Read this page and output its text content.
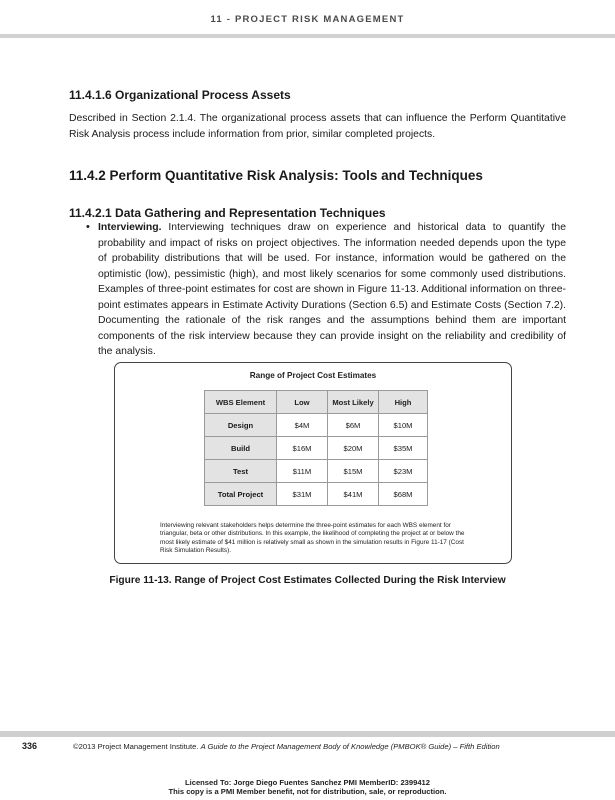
11 - PROJECT RISK MANAGEMENT
11.4.1.6 Organizational Process Assets
Described in Section 2.1.4. The organizational process assets that can influence the Perform Quantitative Risk Analysis process include information from prior, similar completed projects.
11.4.2 Perform Quantitative Risk Analysis: Tools and Techniques
11.4.2.1 Data Gathering and Representation Techniques
• Interviewing. Interviewing techniques draw on experience and historical data to quantify the probability and impact of risks on project objectives. The information needed depends upon the type of probability distributions that will be used. For instance, information would be gathered on the optimistic (low), pessimistic (high), and most likely scenarios for some commonly used distributions. Examples of three-point estimates for cost are shown in Figure 11-13. Additional information on three-point estimates appears in Estimate Activity Durations (Section 6.5) and Estimate Costs (Section 7.2). Documenting the rationale of the risk ranges and the assumptions behind them are important components of the risk interview because they can provide insight on the reliability and credibility of the analysis.
Range of Project Cost Estimates
WBS Element	Low	Most Likely	High
Design	$4M	$6M	$10M
Build	$16M	$20M	$35M
Test	$11M	$15M	$23M
Total Project	$31M	$41M	$68M
Interviewing relevant stakeholders helps determine the three-point estimates for each WBS element for triangular, beta or other distributions. In this example, the likelihood of completing the project at or below the most likely estimate of $41 million is relatively small as shown in the simulation results in Figure 11-17 (Cost Risk Simulation Results).
Figure 11-13. Range of Project Cost Estimates Collected During the Risk Interview
336	©2013 Project Management Institute. A Guide to the Project Management Body of Knowledge (PMBOK® Guide) – Fifth Edition
Licensed To: Jorge Diego Fuentes Sanchez PMI MemberID: 2399412
This copy is a PMI Member benefit, not for distribution, sale, or reproduction.
